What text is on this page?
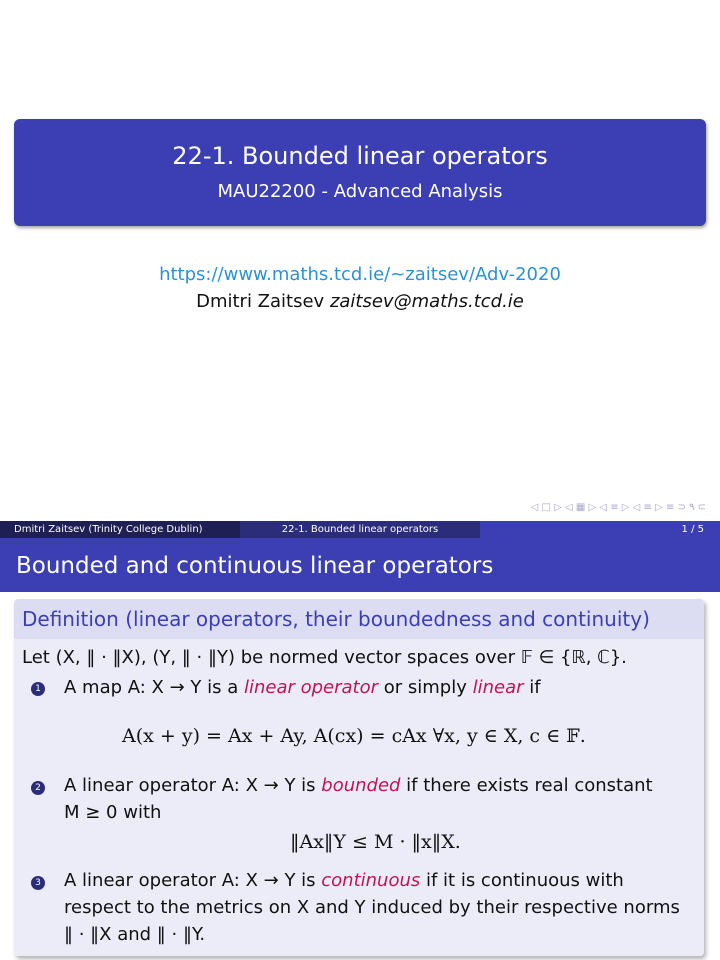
22-1. Bounded linear operators
MAU22200 - Advanced Analysis
https://www.maths.tcd.ie/~zaitsev/Adv-2020
Dmitri Zaitsev zaitsev@maths.tcd.ie
◁ □ ▷ ◁ ▦ ▷ ◁ ≡ ▷ ◁ ≡ ▷ ≡ ⊃ ۹ ⊂
Dmitri Zaitsev (Trinity College Dublin)	22-1. Bounded linear operators	1 / 5
Bounded and continuous linear operators
Definition (linear operators, their boundedness and continuity)
Let (X, ‖ · ‖X), (Y, ‖ · ‖Y) be normed vector spaces over 𝔽 ∈ {ℝ, ℂ}.
1 A map A: X → Y is a linear operator or simply linear if
A(x + y) = Ax + Ay, A(cx) = cAx ∀x, y ∈ X, c ∈ 𝔽.
2 A linear operator A: X → Y is bounded if there exists real constant
M ≥ 0 with
‖Ax‖Y ≤ M · ‖x‖X.
3 A linear operator A: X → Y is continuous if it is continuous with
respect to the metrics on X and Y induced by their respective norms
‖ · ‖X and ‖ · ‖Y.
